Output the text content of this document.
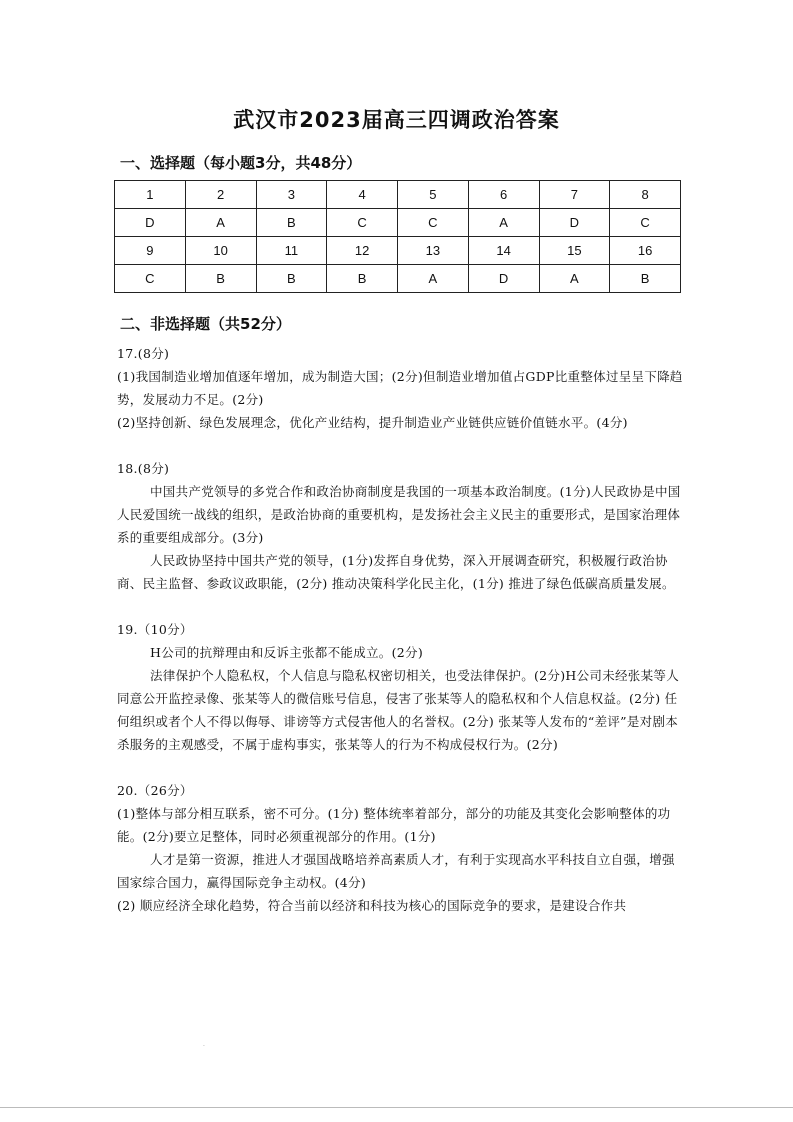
武汉市2023届高三四调政治答案
一、选择题（每小题3分，共48分）
1	2	3	4	5	6	7	8
D	A	B	C	C	A	D	C
9	10	11	12	13	14	15	16
C	B	B	B	A	D	A	B
二、非选择题（共52分）

17.(8分)

(1)我国制造业增加值逐年增加，成为制造大国；(2分)但制造业增加值占GDP比重整体过呈呈下降趋势，发展动力不足。(2分)

(2)坚持创新、绿色发展理念，优化产业结构，提升制造业产业链供应链价值链水平。(4分)

18.(8分)

中国共产党领导的多党合作和政治协商制度是我国的一项基本政治制度。(1分)人民政协是中国人民爱国统一战线的组织，是政治协商的重要机构，是发扬社会主义民主的重要形式，是国家治理体系的重要组成部分。(3分)

人民政协坚持中国共产党的领导，(1分)发挥自身优势，深入开展调查研究，积极履行政治协商、民主监督、参政议政职能，(2分) 推动决策科学化民主化，(1分) 推进了绿色低碳高质量发展。

19.（10分）

H公司的抗辩理由和反诉主张都不能成立。(2分)

法律保护个人隐私权，个人信息与隐私权密切相关，也受法律保护。(2分)H公司未经张某等人同意公开监控录像、张某等人的微信账号信息，侵害了张某等人的隐私权和个人信息权益。(2分) 任何组织或者个人不得以侮辱、诽谤等方式侵害他人的名誉权。(2分) 张某等人发布的“差评”是对剧本杀服务的主观感受，不属于虚构事实，张某等人的行为不构成侵权行为。(2分)

20.（26分）

(1)整体与部分相互联系，密不可分。(1分) 整体统率着部分，部分的功能及其变化会影响整体的功能。(2分)要立足整体，同时必须重视部分的作用。(1分)

人才是第一资源，推进人才强国战略培养高素质人才，有利于实现高水平科技自立自强，增强国家综合国力，赢得国际竞争主动权。(4分)

(2) 顺应经济全球化趋势，符合当前以经济和科技为核心的国际竞争的要求，是建设合作共

·
